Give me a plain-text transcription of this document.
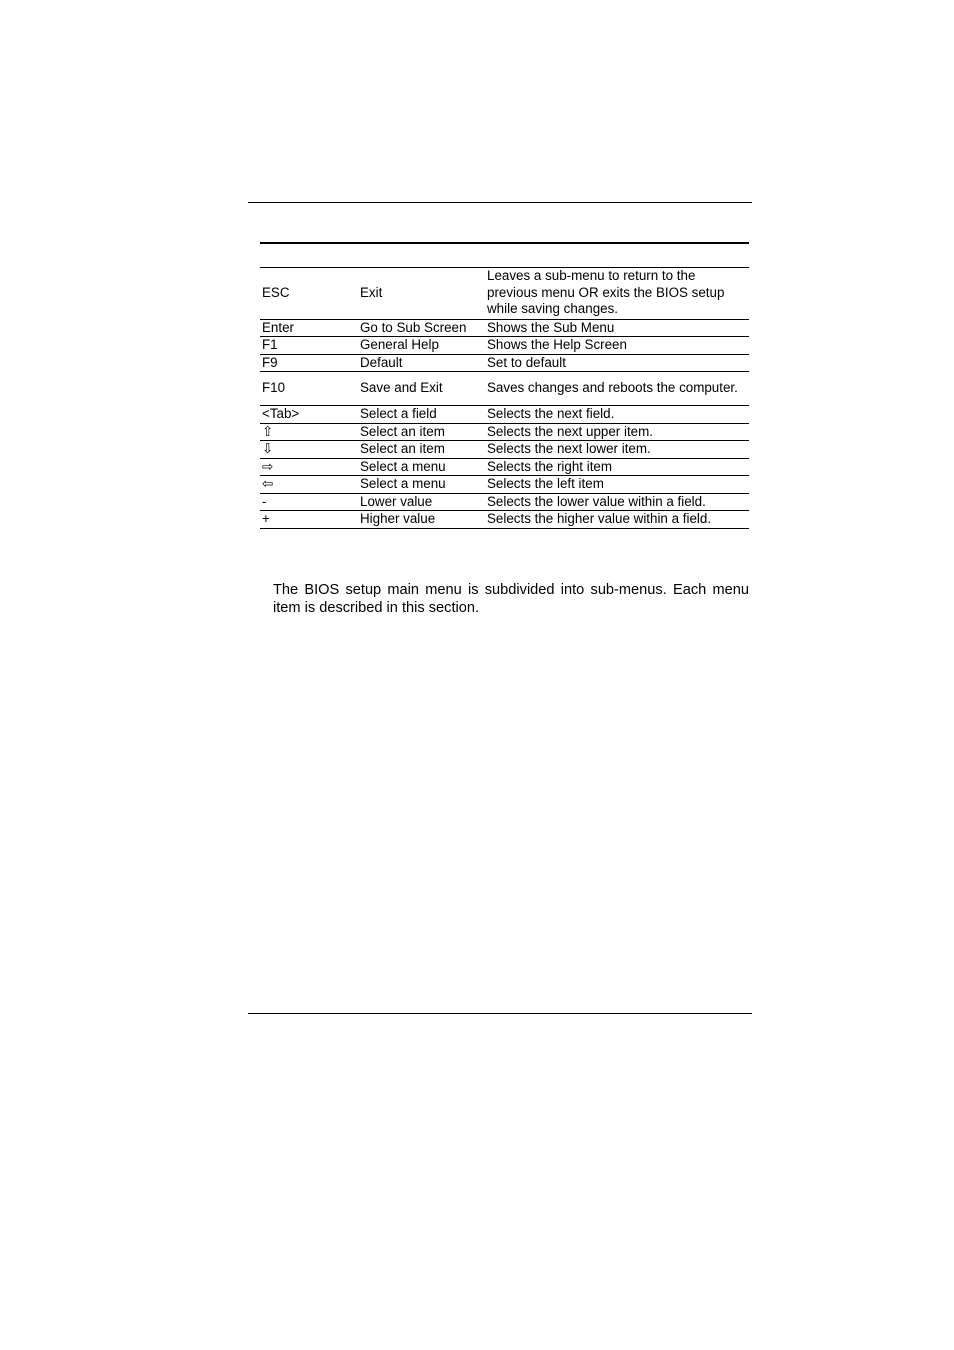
ESC	Exit	Leaves a sub-menu to return to the previous menu OR exits the BIOS setup while saving changes.
Enter	Go to Sub Screen	Shows the Sub Menu
F1	General Help	Shows the Help Screen
F9	Default	Set to default
F10	Save and Exit	Saves changes and reboots the computer.
<Tab>	Select a field	Selects the next field.
⇧	Select an item	Selects the next upper item.
⇩	Select an item	Selects the next lower item.
⇨	Select a menu	Selects the right item
⇦	Select a menu	Selects the left item
-	Lower value	Selects the lower value within a field.
+	Higher value	Selects the higher value within a field.

The BIOS setup main menu is subdivided into sub-menus. Each menu item is described in this section.
